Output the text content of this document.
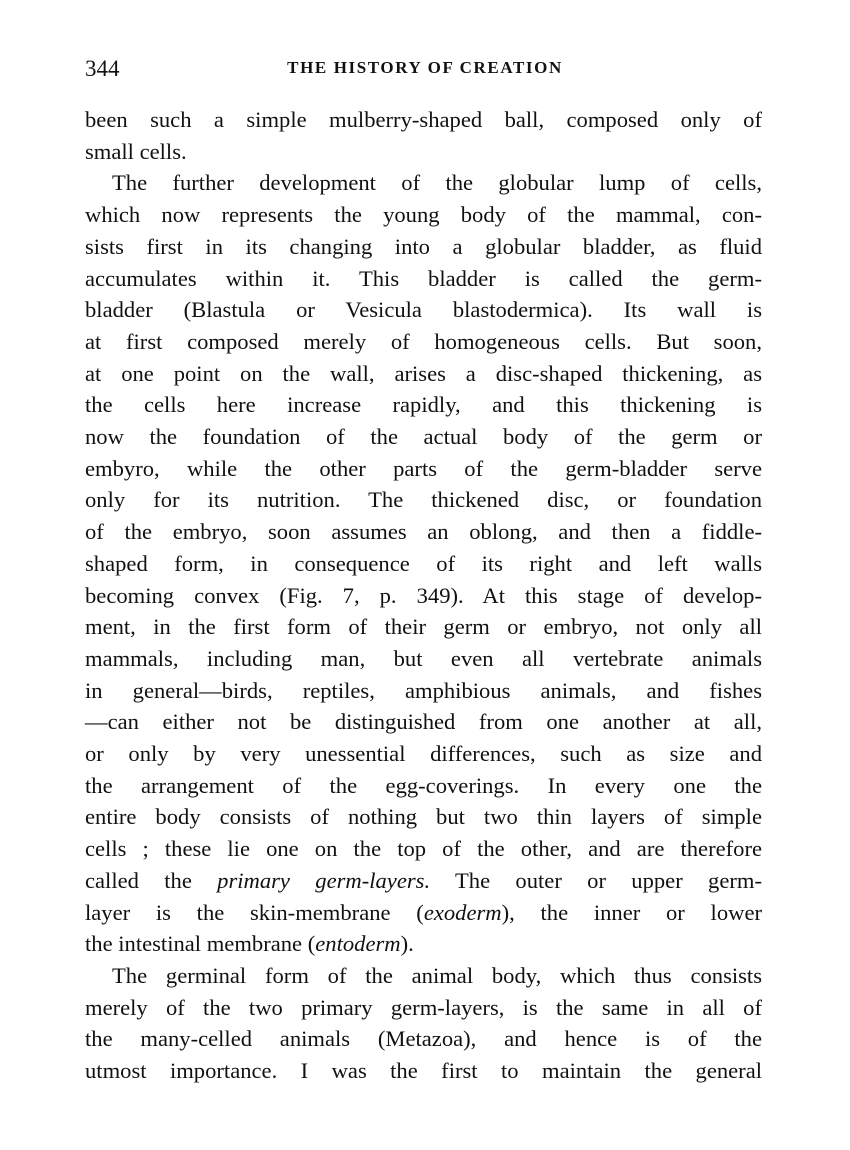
344	THE HISTORY OF CREATION
been such a simple mulberry-shaped ball, composed only of
small cells.
The further development of the globular lump of cells,
which now represents the young body of the mammal, con-
sists first in its changing into a globular bladder, as fluid
accumulates within it. This bladder is called the germ-
bladder (Blastula or Vesicula blastodermica). Its wall is
at first composed merely of homogeneous cells. But soon,
at one point on the wall, arises a disc-shaped thickening, as
the cells here increase rapidly, and this thickening is
now the foundation of the actual body of the germ or
embyro, while the other parts of the germ-bladder serve
only for its nutrition. The thickened disc, or foundation
of the embryo, soon assumes an oblong, and then a fiddle-
shaped form, in consequence of its right and left walls
becoming convex (Fig. 7, p. 349). At this stage of develop-
ment, in the first form of their germ or embryo, not only all
mammals, including man, but even all vertebrate animals
in general—birds, reptiles, amphibious animals, and fishes
—can either not be distinguished from one another at all,
or only by very unessential differences, such as size and
the arrangement of the egg-coverings. In every one the
entire body consists of nothing but two thin layers of simple
cells ; these lie one on the top of the other, and are therefore
called the primary germ-layers. The outer or upper germ-
layer is the skin-membrane (exoderm), the inner or lower
the intestinal membrane (entoderm).
The germinal form of the animal body, which thus consists
merely of the two primary germ-layers, is the same in all of
the many-celled animals (Metazoa), and hence is of the
utmost importance. I was the first to maintain the general
